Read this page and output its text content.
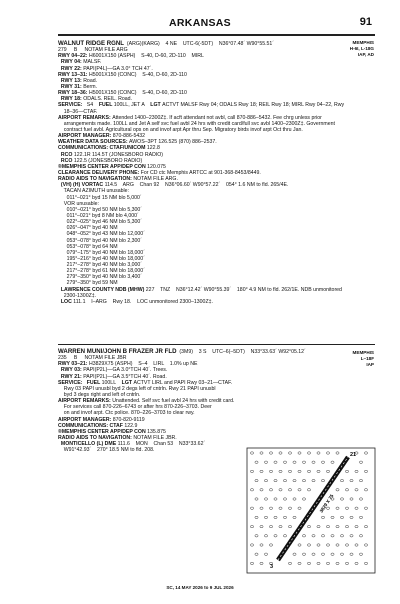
ARKANSAS	91
MEMPHIS
H-6I, L-18G
IAP, AD
WALNUT RIDGE RGNL  (ARG)(KARG)    4 NE    UTC-6(-5DT)    N36°07.48´ W90°55.51´
279     B     NOTAM FILE ARG
RWY 04–22: H6001X150 (ASPH)    S-40, D-60, 2D-110    MIRL
RWY 04: MALSF.
RWY 22: PAPI(P4L)—GA 3.0° TCH 47´.
RWY 13–31: H5001X150 (CONC)    S-40, D-60, 2D-110
RWY 13: Road.
RWY 31: Berm.
RWY 18–36: H5001X150 (CONC)    S-40, D-60, 2D-110
RWY 18: ODALS. REIL. Road.
SERVICE:   S4    FUEL 100LL, JET A    LGT ACTVT MALSF Rwy 04; ODALS Rwy 18; REIL Rwy 18; MIRL Rwy 04–22, Rwy
18–36—CTAF.
AIRPORT REMARKS: Attended 1400–2300Z‡. If acft attendant not avbl, call 870-886–5432. Fee chrg unless prior
arrangements made. 100LL and Jet A self svc fuel avbl 24 hrs with credit card/full svc avbl 1400–2300Z‡. Government
contract fuel avbl. Agricultural ops on and invof arpt Apr thru Sep. Migratory birds invof arpt Oct thru Jan.
AIRPORT MANAGER: 870-886-5432
WEATHER DATA SOURCES: AWOS–3PT 126.525 (870) 886–2537.
COMMUNICATIONS: CTAF/UNICOM 122.8
RCO 122.1R 114.5T (JONESBORO RADIO)
RCO 122.5 (JONESBORO RADIO)
®MEMPHIS CENTER APP/DEP CON 120.075
CLEARANCE DELIVERY PHONE: For CD ctc Memphis ARTCC at 901-368-8453/8449.
RADIO AIDS TO NAVIGATION: NOTAM FILE ARG.
(VH) (H) VORTAC 114.5    ARG    Chan 92    N36°06.60´ W90°57.22´    054° 1.6 NM to fld. 265/4E.
TACAN AZIMUTH unusable:
011°–021° byd 15 NM blo 5,000´
VOR unusable:
010°–021° byd 50 NM blo 5,300´
011°–021° byd 8 NM blo 4,000´
022°–025° byd 46 NM blo 5,300´
026°–047° byd 40 NM
048°–052° byd 43 NM blo 12,000´
053°–078° byd 40 NM blo 2,300´
053°–078° byd 64 NM
079°–175° byd 40 NM blo 18,000´
195°–216° byd 40 NM blo 18,000´
217°–278° byd 40 NM blo 3,000´
217°–278° byd 61 NM blo 18,000´
279°–350° byd 40 NM blo 3,400´
279°–350° byd 59 NM
LAWRENCE COUNTY NDB (MHW) 227    TNZ    N36°12.42´ W90°55.39´    180° 4.9 NM to fld. 262/1E. NDB unmonitored
2300-1300Z‡.
LOC 111.1    I–ARG    Rwy 18.    LOC unmonitored 2300–1300Z‡.
MEMPHIS
L–18F
IAP
WARREN MUNI/JOHN B FRAZER JR FLD  (3M9)    3 S    UTC–6(–5DT)    N33°33.63´ W92°05.12´
235     B     NOTAM FILE JBR
RWY 03–21: H3829X75 (ASPH)    S–4    LIRL    1.0% up NE
RWY 03: PAPI(P2L)—GA 3.0°TCH 40´. Trees.
RWY 21: PAPI(P2L)—GA 3.5°TCH 40´. Road.
SERVICE:   FUEL 100LL    LGT ACTVT LIRL and PAPI Rwy 03–21—CTAF.
Rwy 03 PAPI unusbl byd 2 degs left of cntrln. Rwy 21 PAPI unusbl
byd 3 degs right and left of cntrln.
AIRPORT REMARKS: Unattended. Self svc fuel avbl 24 hrs with credit card.
For services call 870-226–6743 or after hrs 870-226–3703. Deer
on and invof arpt. Ctc police. 870–226–3703 to clear rwy.
AIRPORT MANAGER: 870-820-9119
COMMUNICATIONS: CTAF 122.9
®MEMPHIS CENTER APP/DEP CON 135.875
RADIO AIDS TO NAVIGATION: NOTAM FILE JBR.
MONTICELLO (L) DME 111.6    MON    Chan 53    N33°33.62´
W91°42.93´    270° 18.5 NM to fld. 208.
3829 X 75
3
21
SC, 14 MAY 2026 to 9 JUL 2026
